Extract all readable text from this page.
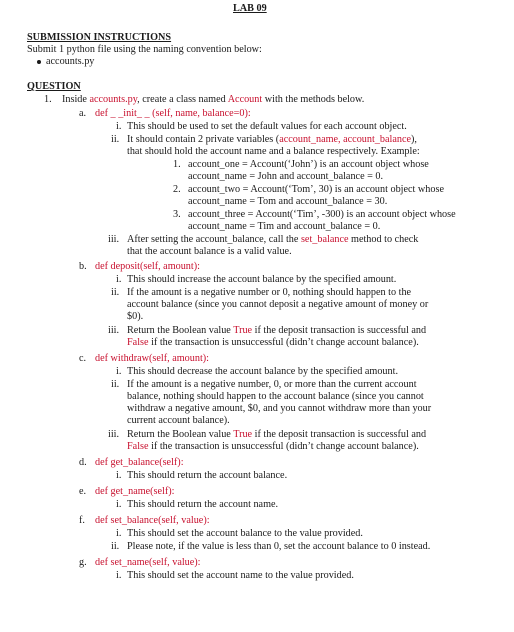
LAB 09
SUBMISSION INSTRUCTIONS
Submit 1 python file using the naming convention below:
accounts.py
QUESTION
1. Inside accounts.py, create a class named Account with the methods below.
a. def _ _init_ _ (self, name, balance=0):
i. This should be used to set the default values for each account object.
ii. It should contain 2 private variables (account_name, account_balance),
that should hold the account name and a balance respectively. Example:
1. account_one = Account(‘John’) is an account object whose
account_name = John and account_balance = 0.
2. account_two = Account(‘Tom’, 30) is an account object whose
account_name = Tom and account_balance = 30.
3. account_three = Account(‘Tim’, -300) is an account object whose
account_name = Tim and account_balance = 0.
iii. After setting the account_balance, call the set_balance method to check
that the account balance is a valid value.
b. def deposit(self, amount):
i. This should increase the account balance by the specified amount.
ii. If the amount is a negative number or 0, nothing should happen to the
account balance (since you cannot deposit a negative amount of money or
$0).
iii. Return the Boolean value True if the deposit transaction is successful and
False if the transaction is unsuccessful (didn’t change account balance).
c. def withdraw(self, amount):
i. This should decrease the account balance by the specified amount.
ii. If the amount is a negative number, 0, or more than the current account
balance, nothing should happen to the account balance (since you cannot
withdraw a negative amount, $0, and you cannot withdraw more than your
current account balance).
iii. Return the Boolean value True if the deposit transaction is successful and
False if the transaction is unsuccessful (didn’t change account balance).
d. def get_balance(self):
i. This should return the account balance.
e. def get_name(self):
i. This should return the account name.
f. def set_balance(self, value):
i. This should set the account balance to the value provided.
ii. Please note, if the value is less than 0, set the account balance to 0 instead.
g. def set_name(self, value):
i. This should set the account name to the value provided.
